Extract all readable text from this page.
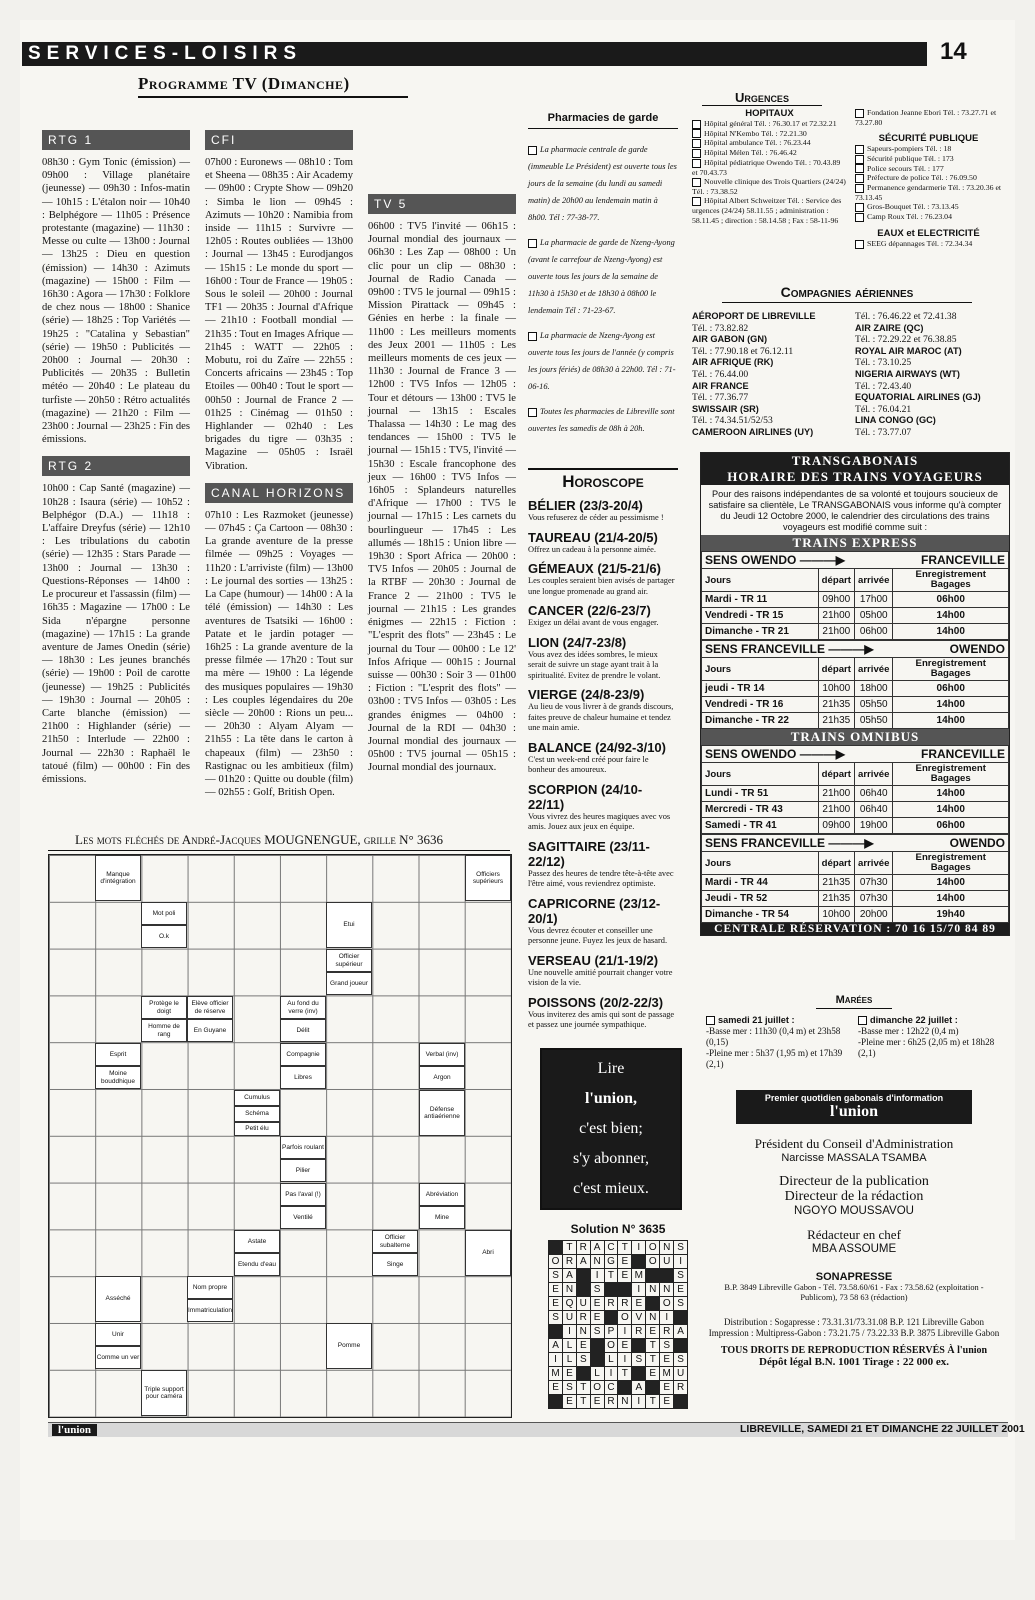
SERVICES-LOISIRS	14
Programme TV (Dimanche)
RTG 1
08h30 : Gym Tonic (émission) — 09h00 : Village planétaire (jeunesse) — 09h30 : Infos-matin — 10h15 : L'étalon noir — 10h40 : Belphégore — 11h05 : Présence protestante (magazine) — 11h30 : Messe ou culte — 13h00 : Journal — 13h25 : Dieu en question (émission) — 14h30 : Azimuts (magazine) — 15h00 : Film — 16h30 : Agora — 17h30 : Folklore de chez nous — 18h00 : Shanice (série) — 18h25 : Top Variétés — 19h25 : "Catalina y Sebastian" (série) — 19h50 : Publicités — 20h00 : Journal — 20h30 : Publicités — 20h35 : Bulletin météo — 20h40 : Le plateau du turfiste — 20h50 : Rétro actualités (magazine) — 21h20 : Film — 23h00 : Journal — 23h25 : Fin des émissions.
RTG 2
10h00 : Cap Santé (magazine) — 10h28 : Isaura (série) — 10h52 : Belphégor (D.A.) — 11h18 : L'affaire Dreyfus (série) — 12h10 : Les tribulations du cabotin (série) — 12h35 : Stars Parade — 13h00 : Journal — 13h30 : Questions-Réponses — 14h00 : Le procureur et l'assassin (film) — 16h35 : Magazine — 17h00 : Le Sida n'épargne personne (magazine) — 17h15 : La grande aventure de James Onedin (série) — 18h30 : Les jeunes branchés (série) — 19h00 : Poil de carotte (jeunesse) — 19h25 : Publicités — 19h30 : Journal — 20h05 : Carte blanche (émission) — 21h00 : Highlander (série) — 21h50 : Interlude — 22h00 : Journal — 22h30 : Raphaël le tatoué (film) — 00h00 : Fin des émissions.
CFI
07h00 : Euronews — 08h10 : Tom et Sheena — 08h35 : Air Academy — 09h00 : Crypte Show — 09h20 : Simba le lion — 09h45 : Azimuts — 10h20 : Namibia from inside — 11h15 : Survivre — 12h05 : Routes oubliées — 13h00 : Journal — 13h45 : Eurodjangos — 15h15 : Le monde du sport — 16h00 : Tour de France — 19h05 : Sous le soleil — 20h00 : Journal TF1 — 20h35 : Journal d'Afrique — 21h10 : Football mondial — 21h35 : Tout en Images Afrique — 21h45 : WATT — 22h05 : Mobutu, roi du Zaïre — 22h55 : Concerts africains — 23h45 : Top Etoiles — 00h40 : Tout le sport — 00h50 : Journal de France 2 — 01h25 : Cinémag — 01h50 : Highlander — 02h40 : Les brigades du tigre — 03h35 : Magazine — 05h05 : Israël Vibration.
CANAL HORIZONS
07h10 : Les Razmoket (jeunesse) — 07h45 : Ça Cartoon — 08h30 : La grande aventure de la presse filmée — 09h25 : Voyages — 11h20 : L'arriviste (film) — 13h00 : Le journal des sorties — 13h25 : La Cape (humour) — 14h00 : A la télé (émission) — 14h30 : Les aventures de Tsatsiki — 16h00 : Patate et le jardin potager — 16h25 : La grande aventure de la presse filmée — 17h20 : Tout sur ma mère — 19h00 : La légende des musiques populaires — 19h30 : Les couples légendaires du 20e siècle — 20h00 : Rions un peu... — 20h30 : Alyam Alyam — 21h55 : La tête dans le carton à chapeaux (film) — 23h50 : Rastignac ou les ambitieux (film) — 01h20 : Quitte ou double (film) — 02h55 : Golf, British Open.
TV 5
06h00 : TV5 l'invité — 06h15 : Journal mondial des journaux — 06h30 : Les Zap — 08h00 : Un clic pour un clip — 08h30 : Journal de Radio Canada — 09h00 : TV5 le journal — 09h15 : Mission Pirattack — 09h45 : Génies en herbe : la finale — 11h00 : Les meilleurs moments des Jeux 2001 — 11h05 : Les meilleurs moments de ces jeux — 11h30 : Journal de France 3 — 12h00 : TV5 Infos — 12h05 : Tour et détours — 13h00 : TV5 le journal — 13h15 : Escales Thalassa — 14h30 : Le mag des tendances — 15h00 : TV5 le journal — 15h15 : TV5, l'invité — 15h30 : Escale francophone des jeux — 16h00 : TV5 Infos — 16h05 : Splandeurs naturelles d'Afrique — 17h00 : TV5 le journal — 17h15 : Les carnets du bourlingueur — 17h45 : Les allumés — 18h15 : Union libre — 19h30 : Sport Africa — 20h00 : TV5 Infos — 20h05 : Journal de la RTBF — 20h30 : Journal de France 2 — 21h00 : TV5 le journal — 21h15 : Les grandes énigmes — 22h15 : Fiction : "L'esprit des flots" — 23h45 : Le journal du Tour — 00h00 : Le 12' Infos Afrique — 00h15 : Journal suisse — 00h30 : Soir 3 — 01h00 : Fiction : "L'esprit des flots" — 03h00 : TV5 Infos — 03h05 : Les grandes énigmes — 04h00 : Journal de la RDI — 04h30 : Journal mondial des journaux — 05h00 : TV5 journal — 05h15 : Journal mondial des journaux.
Les mots fléchés de André-Jacques MOUGNENGUE, grille N° 3636
Manque d'intégration
Officiers supérieurs
Mot poli
O.k
Etui
Officier supérieur
Grand joueur
Protège le doigt
Elève officier de réserve
Au fond du verre (inv)
Homme de rang
En Guyane	Délit
Esprit	Compagnie	Verbal (inv)
Moine bouddhique
Libres	Argon
Cumulus
Schéma
Petit élu
Défense antiaérienne
Parfois roulant
Pilier
Pas l'aval (!)	Abréviation
Ventilé	Mine
Astate
Officier subalterne
Abri
Etendu d'eau	Singe
Nom propre
Asséché
Immatriculation
Unir
Pomme
Comme un ver
Triple support pour caméra
Pharmacies de garde
La pharmacie centrale de garde (immeuble Le Président) est ouverte tous les jours de la semaine (du lundi au samedi matin) de 20h00 au lendemain matin à 8h00. Tél : 77-38-77.
La pharmacie de garde de Nzeng-Ayong (avant le carrefour de Nzeng-Ayong) est ouverte tous les jours de la semaine de 11h30 à 15h30 et de 18h30 à 08h00 le lendemain Tél : 71-23-67.
La pharmacie de Nzeng-Ayong est ouverte tous les jours de l'année (y compris les jours fériés) de 08h30 à 22h00. Tél : 71-06-16.
Toutes les pharmacies de Libreville sont ouvertes les samedis de 08h à 20h.
Horoscope
BÉLIER (23/3-20/4)
Vous refuserez de céder au pessimisme !
TAUREAU (21/4-20/5)
Offrez un cadeau à la personne aimée.
GÉMEAUX (21/5-21/6)
Les couples seraient bien avisés de partager une longue promenade au grand air.
CANCER (22/6-23/7)
Exigez un délai avant de vous engager.
LION (24/7-23/8)
Vous avez des idées sombres, le mieux serait de suivre un stage ayant trait à la spiritualité. Evitez de prendre le volant.
VIERGE (24/8-23/9)
Au lieu de vous livrer à de grands discours, faites preuve de chaleur humaine et tendez une main amie.
BALANCE (24/92-3/10)
C'est un week-end créé pour faire le bonheur des amoureux.
SCORPION (24/10-22/11)
Vous vivrez des heures magiques avec vos amis. Jouez aux jeux en équipe.
SAGITTAIRE (23/11-22/12)
Passez des heures de tendre tête-à-tête avec l'être aimé, vous reviendrez optimiste.
CAPRICORNE (23/12-20/1)
Vous devrez écouter et conseiller une personne jeune. Fuyez les jeux de hasard.
VERSEAU (21/1-19/2)
Une nouvelle amitié pourrait changer votre vision de la vie.
POISSONS (20/2-22/3)
Vous inviterez des amis qui sont de passage et passez une journée sympathique.
Lire
l'union,
c'est bien;
s'y abonner,
c'est mieux.
Solution N° 3635
	T	R	A	C	T	I	O	N	S
O	R	A	N	G	E		O	U	I
S	A		I	T	E	M			S
E	N		S			I	N	N	E
E	Q	U	E	R	R	E		O	S
S	U	R	E		O	V	N	I	
	I	N	S	P	I	R	E	R	A
A	L	E		O	E		T	S	
I	L	S		L	I	S	T	E	S
M	E		L	I	T		E	M	U
E	S	T	O	C		A		E	R
	E	T	E	R	N	I	T	E	
Urgences
HOPITAUX
Hôpital général Tél. : 76.30.17 et 72.32.21
Hôpital N'Kembo Tél. : 72.21.30
Hôpital ambulance Tél. : 76.23.44
Hôpital Mélen Tél. : 76.46.42
Hôpital pédiatrique Owendo Tél. : 70.43.89 et 70.43.73
Nouvelle clinique des Trois Quartiers (24/24) Tél. : 73.38.52
Hôpital Albert Schweitzer Tél. : Service des urgences (24/24) 58.11.55 ; administration : 58.11.45 ; direction : 58.14.58 ; Fax : 58-11-96
Fondation Jeanne Ebori Tél. : 73.27.71 et 73.27.80
SÉCURITÉ PUBLIQUE
Sapeurs-pompiers Tél. : 18
Sécurité publique Tél. : 173
Police secours Tél. : 177
Préfecture de police Tél. : 76.09.50
Permanence gendarmerie Tél. : 73.20.36 et 73.13.45
Gros-Bouquet Tél. : 73.13.45
Camp Roux Tél. : 76.23.04
EAUX et ELECTRICITÉ
SEEG dépannages Tél. : 72.34.34
Compagnies aériennes
AÉROPORT DE LIBREVILLE
Tél. : 73.82.82
AIR GABON (GN)
Tél. : 77.90.18 et 76.12.11
AIR AFRIQUE (RK)
Tél. : 76.44.00
AIR FRANCE
Tél. : 77.36.77
SWISSAIR (SR)
Tél. : 74.34.51/52/53
CAMEROON AIRLINES (UY)
Tél. : 76.46.22 et 72.41.38
AIR ZAIRE (QC)
Tél. : 72.29.22 et 76.38.85
ROYAL AIR MAROC (AT)
Tél. : 73.10.25
NIGERIA AIRWAYS (WT)
Tél. : 72.43.40
EQUATORIAL AIRLINES (GJ)
Tél. : 76.04.21
LINA CONGO (GC)
Tél. : 73.77.07
TRANSGABONAIS
HORAIRE DES TRAINS VOYAGEURS
Pour des raisons indépendantes de sa volonté et toujours soucieux de satisfaire sa clientèle, Le TRANSGABONAIS vous informe qu'à compter du Jeudi 12 Octobre 2000, le calendrier des circulations des trains voyageurs est modifié comme suit :
TRAINS EXPRESS
SENS OWENDO ———▶ FRANCEVILLE			

Jours	départ	arrivée	Enregistrement Bagages
Mardi - TR 11	09h00	17h00	06h00
Vendredi - TR 15	21h00	05h00	14h00
Dimanche - TR 21	21h00	06h00	14h00
SENS FRANCEVILLE ———▶ OWENDO			

Jours	départ	arrivée	Enregistrement Bagages
jeudi - TR 14	10h00	18h00	06h00
Vendredi - TR 16	21h35	05h50	14h00
Dimanche - TR 22	21h35	05h50	14h00
TRAINS OMNIBUS
SENS OWENDO ———▶ FRANCEVILLE			

Jours	départ	arrivée	Enregistrement Bagages
Lundi - TR 51	21h00	06h40	14h00
Mercredi - TR 43	21h00	06h40	14h00
Samedi - TR 41	09h00	19h00	06h00
SENS FRANCEVILLE ———▶ OWENDO			

Jours	départ	arrivée	Enregistrement Bagages
Mardi - TR 44	21h35	07h30	14h00
Jeudi - TR 52	21h35	07h30	14h00
Dimanche - TR 54	10h00	20h00	19h40
CENTRALE RÉSERVATION : 70 16 15/70 84 89
Marées
samedi 21 juillet :
-Basse mer : 11h30 (0,4 m) et 23h58 (0,15)
-Pleine mer : 5h37 (1,95 m) et 17h39 (2,1)
dimanche 22 juillet :
-Basse mer : 12h22 (0,4 m)
-Pleine mer : 6h25 (2,05 m) et 18h28 (2,1)
Premier quotidien gabonais d'information
l'union
Président du Conseil d'Administration
Narcisse MASSALA TSAMBA
Directeur de la publication
Directeur de la rédaction
NGOYO MOUSSAVOU
Rédacteur en chef
MBA ASSOUME
SONAPRESSE
B.P. 3849 Libreville Gabon - Tél. 73.58.60/61 - Fax : 73.58.62 (exploitation - Publicom), 73 58 63 (rédaction)
Distribution : Sogapresse : 73.31.31/73.31.08 B.P. 121 Libreville Gabon
Impression : Multipress-Gabon : 73.21.75 / 73.22.33 B.P. 3875 Libreville Gabon
TOUS DROITS DE REPRODUCTION RÉSERVÉS À l'union
Dépôt légal B.N. 1001 Tirage : 22 000 ex.
l'union	LIBREVILLE, SAMEDI 21 ET DIMANCHE 22 JUILLET 2001
